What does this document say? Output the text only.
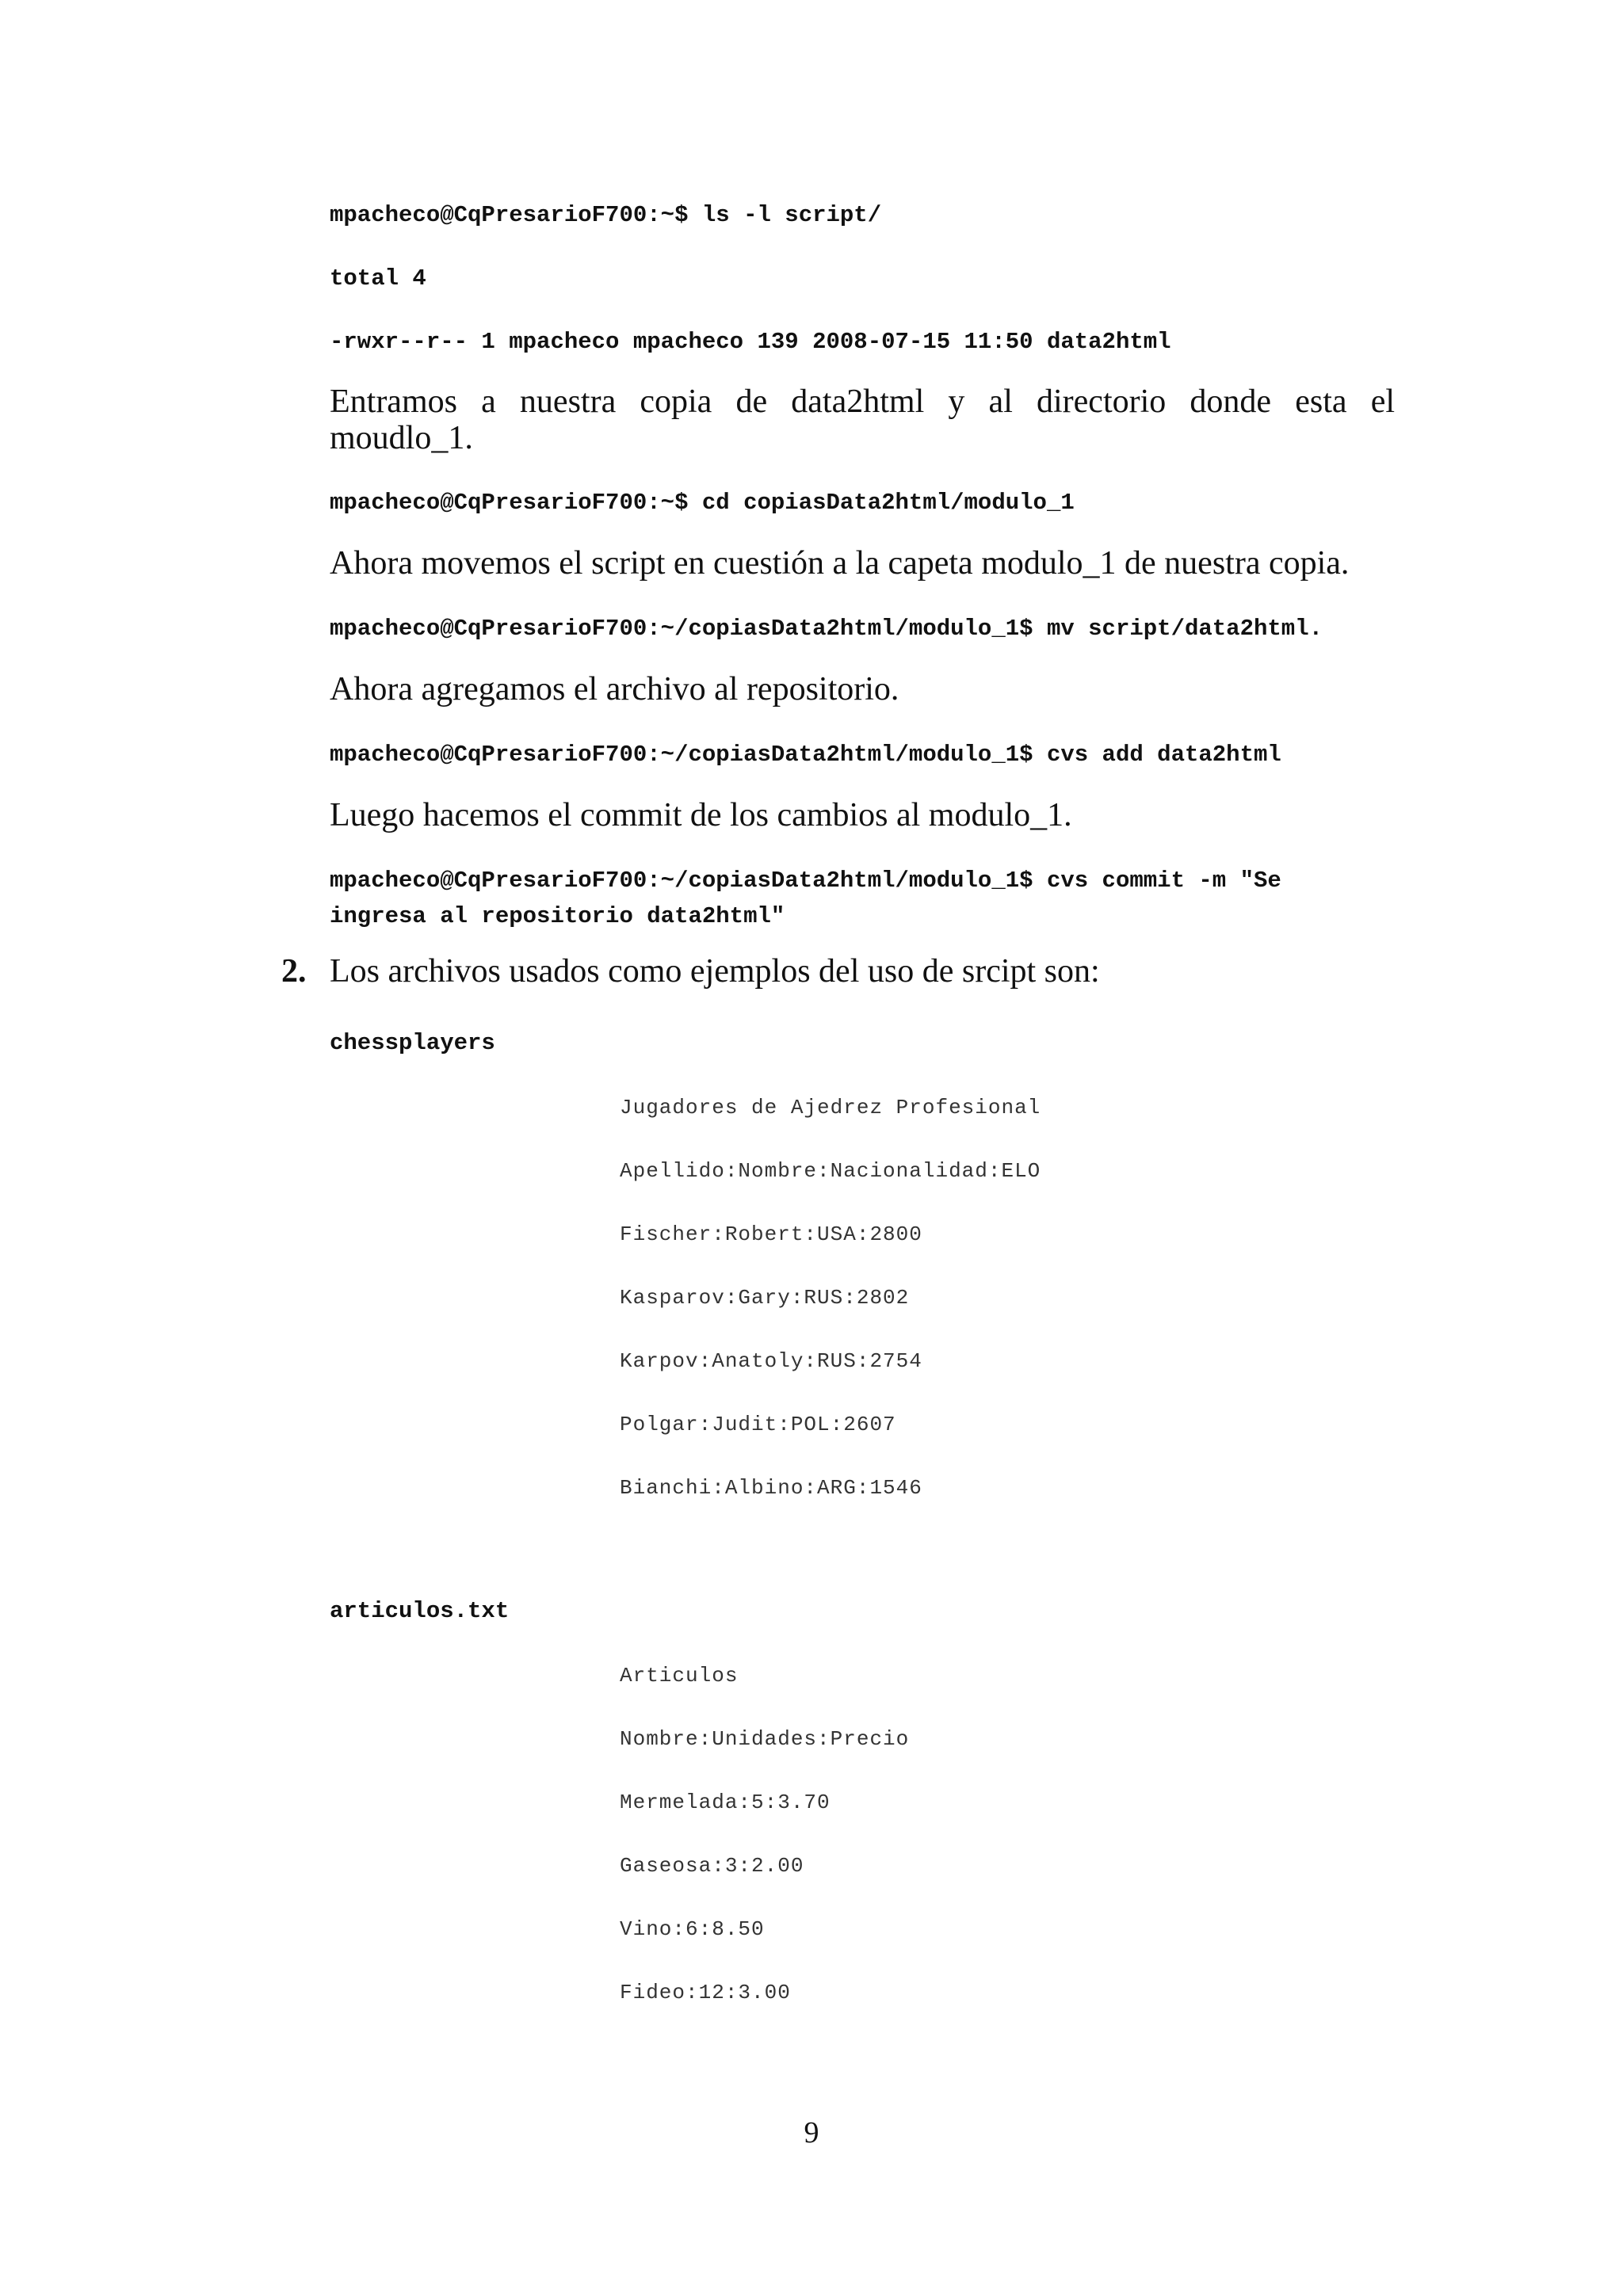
mpacheco@CqPresarioF700:~$ ls -l script/
total 4
-rwxr--r-- 1 mpacheco mpacheco 139 2008-07-15 11:50 data2html
Entramos a nuestra copia de data2html y al directorio donde esta el
moudlo_1.
mpacheco@CqPresarioF700:~$ cd copiasData2html/modulo_1
Ahora movemos el script en cuestión a la capeta modulo_1 de nuestra copia.
mpacheco@CqPresarioF700:~/copiasData2html/modulo_1$ mv script/data2html.
Ahora agregamos el archivo al repositorio.
mpacheco@CqPresarioF700:~/copiasData2html/modulo_1$ cvs add data2html
Luego hacemos el commit de los cambios al modulo_1.
mpacheco@CqPresarioF700:~/copiasData2html/modulo_1$ cvs commit -m "Se
ingresa al repositorio data2html"
2. Los archivos usados como ejemplos del uso de srcipt son:
chessplayers
Jugadores de Ajedrez Profesional
Apellido:Nombre:Nacionalidad:ELO
Fischer:Robert:USA:2800
Kasparov:Gary:RUS:2802
Karpov:Anatoly:RUS:2754
Polgar:Judit:POL:2607
Bianchi:Albino:ARG:1546
articulos.txt
Articulos
Nombre:Unidades:Precio
Mermelada:5:3.70
Gaseosa:3:2.00
Vino:6:8.50
Fideo:12:3.00
9
